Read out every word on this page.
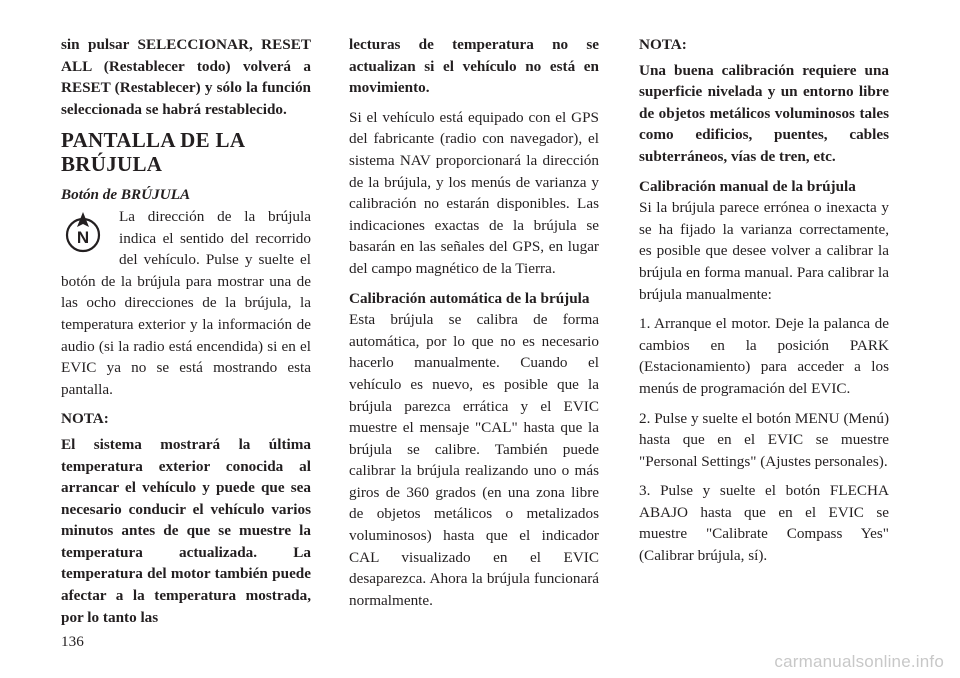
sin pulsar SELECCIONAR, RESET ALL (Restablecer todo) volverá a RESET (Restablecer) y sólo la función seleccionada se habrá restablecido.

PANTALLA DE LA BRÚJULA
Botón de BRÚJULA
N

La dirección de la brújula indica el sentido del recorrido del vehículo. Pulse y suelte el botón de la brújula para mostrar una de las ocho direcciones de la brújula, la temperatura exterior y la información de audio (si la radio está encendida) si en el EVIC ya no se está mostrando esta pantalla.

NOTA:

El sistema mostrará la última temperatura exterior conocida al arrancar el vehículo y puede que sea necesario conducir el vehículo varios minutos antes de que se muestre la temperatura actualizada. La temperatura del motor también puede afectar a la temperatura mostrada, por lo tanto las

lecturas de temperatura no se actualizan si el vehículo no está en movimiento.

Si el vehículo está equipado con el GPS del fabricante (radio con navegador), el sistema NAV proporcionará la dirección de la brújula, y los menús de varianza y calibración no estarán disponibles. Las indicaciones exactas de la brújula se basarán en las señales del GPS, en lugar del campo magnético de la Tierra.

Calibración automática de la brújula

Esta brújula se calibra de forma automática, por lo que no es necesario hacerlo manualmente. Cuando el vehículo es nuevo, es posible que la brújula parezca errática y el EVIC muestre el mensaje "CAL" hasta que la brújula se calibre. También puede calibrar la brújula realizando uno o más giros de 360 grados (en una zona libre de objetos metálicos o metalizados voluminosos) hasta que el indicador CAL visualizado en el EVIC desaparezca. Ahora la brújula funcionará normalmente.

NOTA:

Una buena calibración requiere una superficie nivelada y un entorno libre de objetos metálicos voluminosos tales como edificios, puentes, cables subterráneos, vías de tren, etc.

Calibración manual de la brújula

Si la brújula parece errónea o inexacta y se ha fijado la varianza correctamente, es posible que desee volver a calibrar la brújula en forma manual. Para calibrar la brújula manualmente:

1. Arranque el motor. Deje la palanca de cambios en la posición PARK (Estacionamiento) para acceder a los menús de programación del EVIC.

2. Pulse y suelte el botón MENU (Menú) hasta que en el EVIC se muestre "Personal Settings" (Ajustes personales).

3. Pulse y suelte el botón FLECHA ABAJO hasta que en el EVIC se muestre "Calibrate Compass Yes" (Calibrar brújula, sí).

136
carmanualsonline.info
